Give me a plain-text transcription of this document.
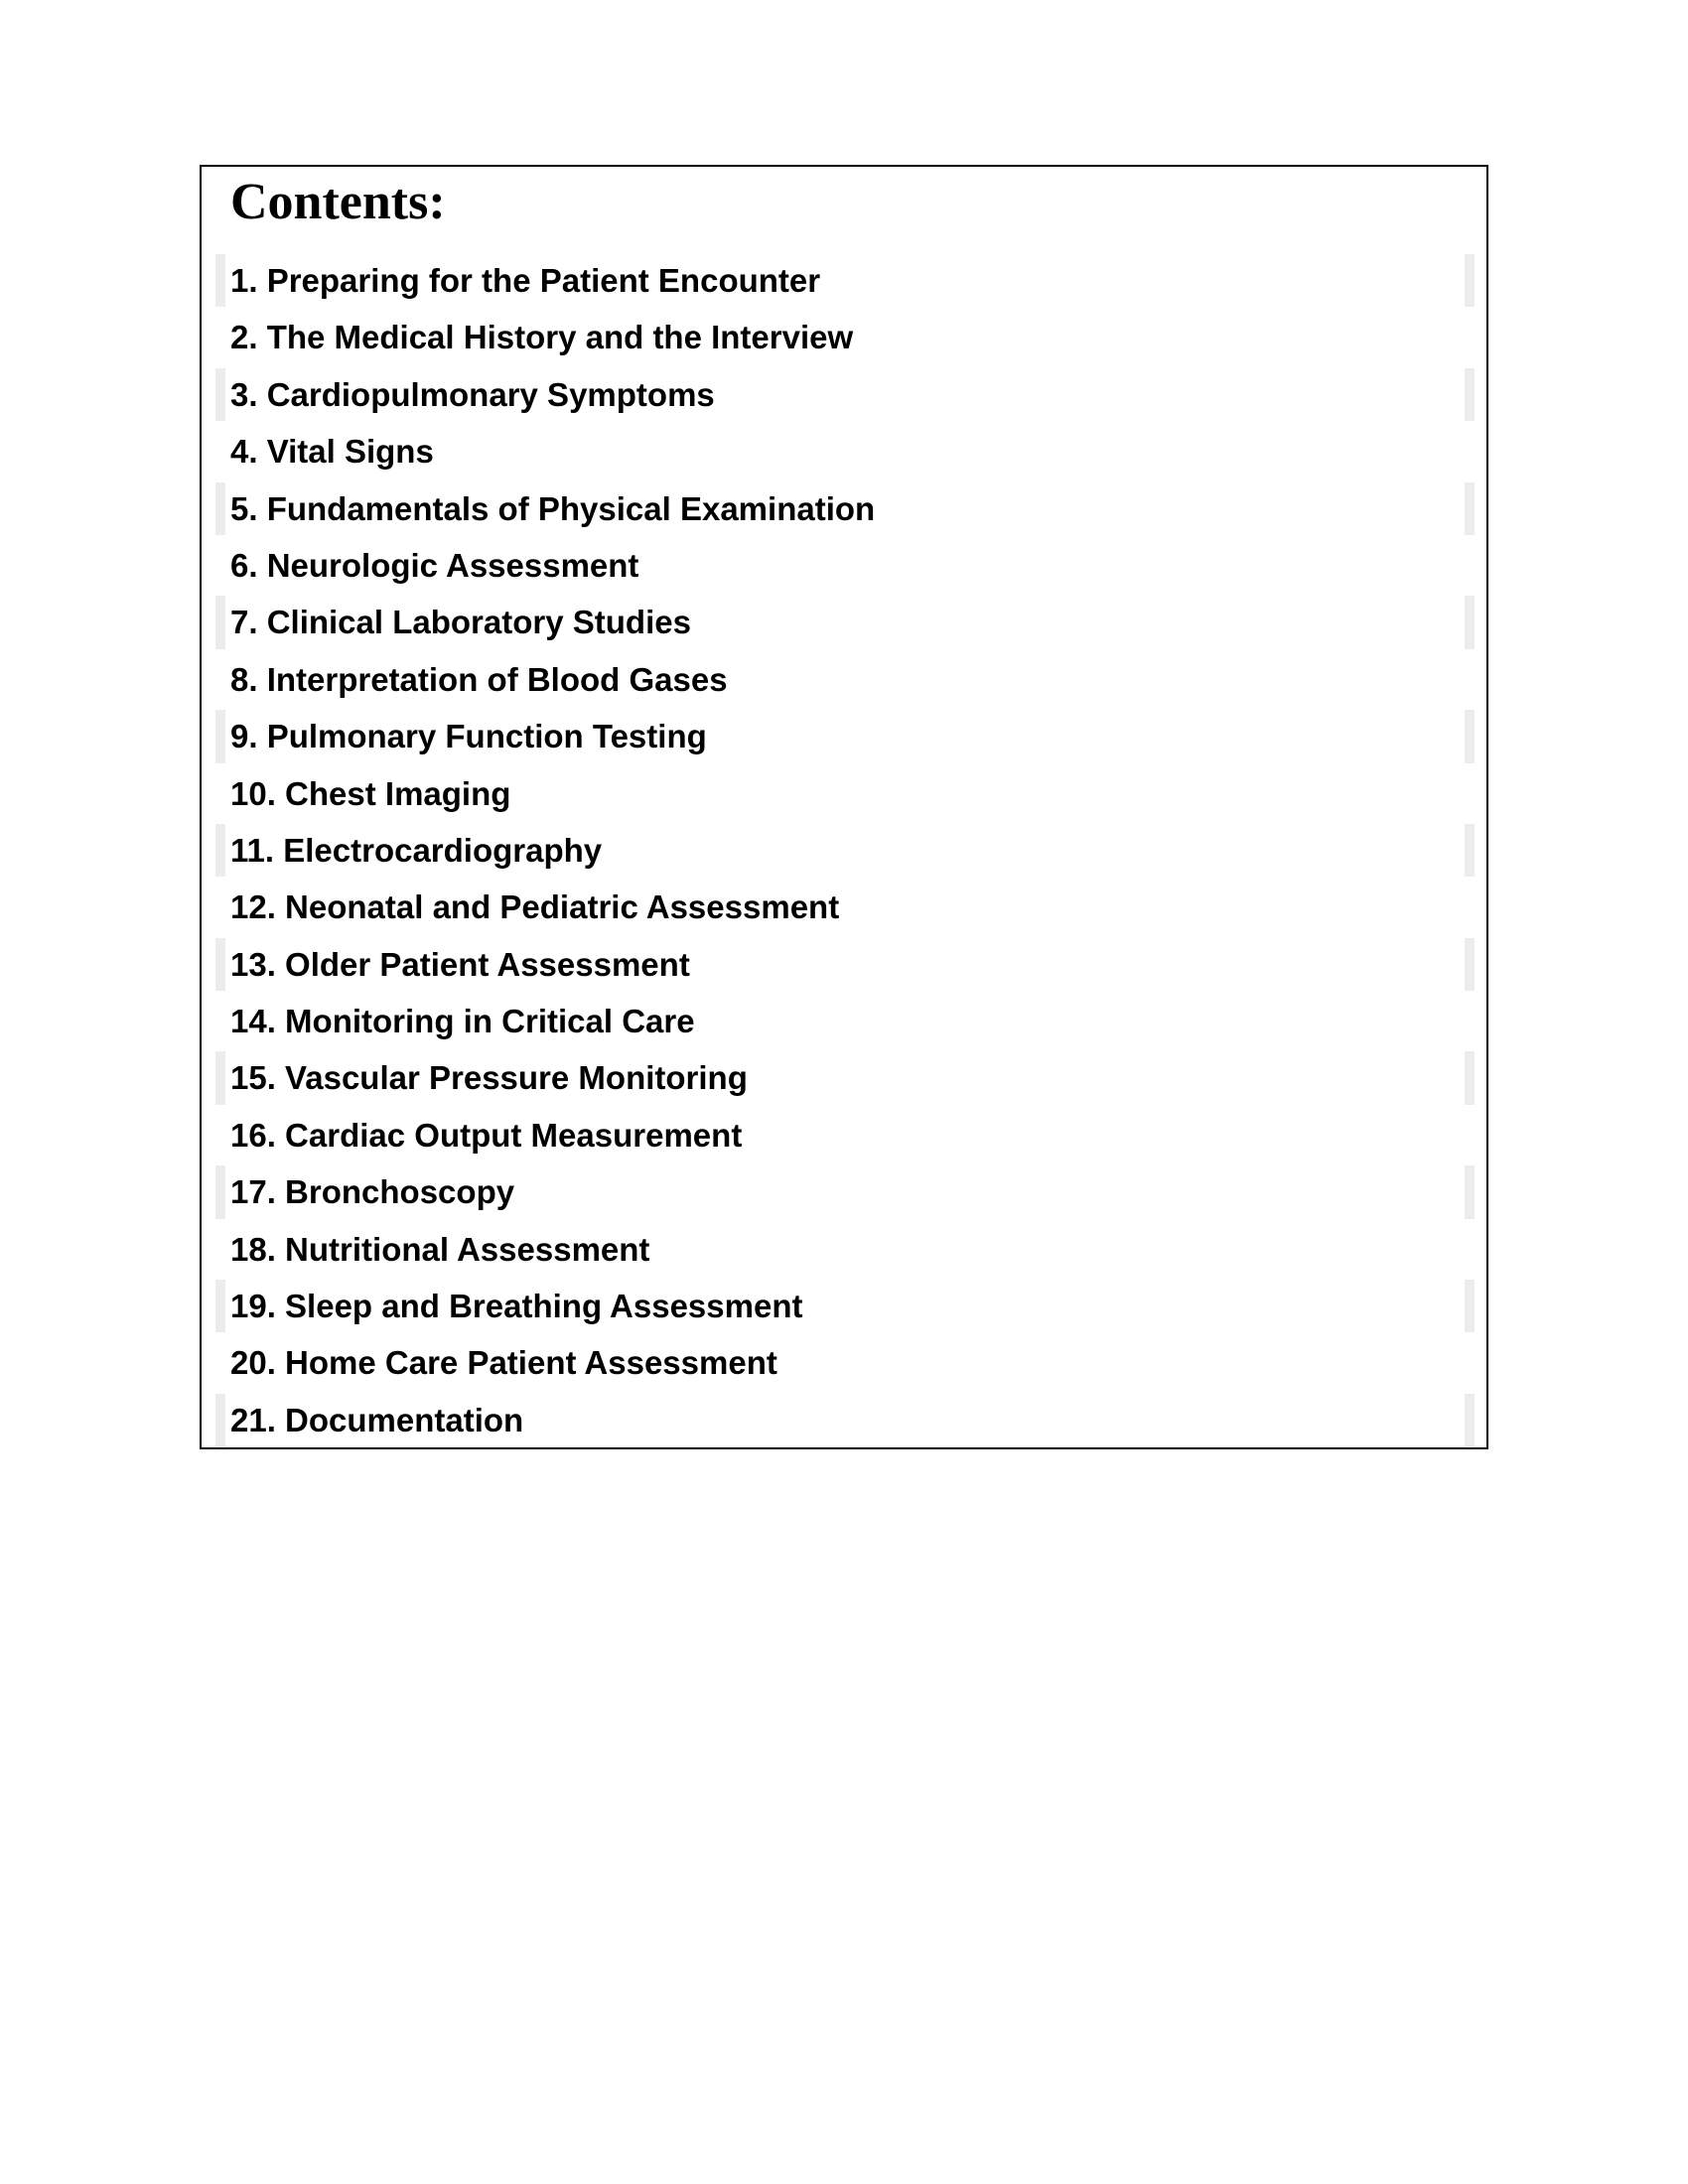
Contents:
1. Preparing for the Patient Encounter
2. The Medical History and the Interview
3. Cardiopulmonary Symptoms
4. Vital Signs
5. Fundamentals of Physical Examination
6. Neurologic Assessment
7. Clinical Laboratory Studies
8. Interpretation of Blood Gases
9. Pulmonary Function Testing
10. Chest Imaging
11. Electrocardiography
12. Neonatal and Pediatric Assessment
13. Older Patient Assessment
14. Monitoring in Critical Care
15. Vascular Pressure Monitoring
16. Cardiac Output Measurement
17. Bronchoscopy
18. Nutritional Assessment
19. Sleep and Breathing Assessment
20. Home Care Patient Assessment
21. Documentation
